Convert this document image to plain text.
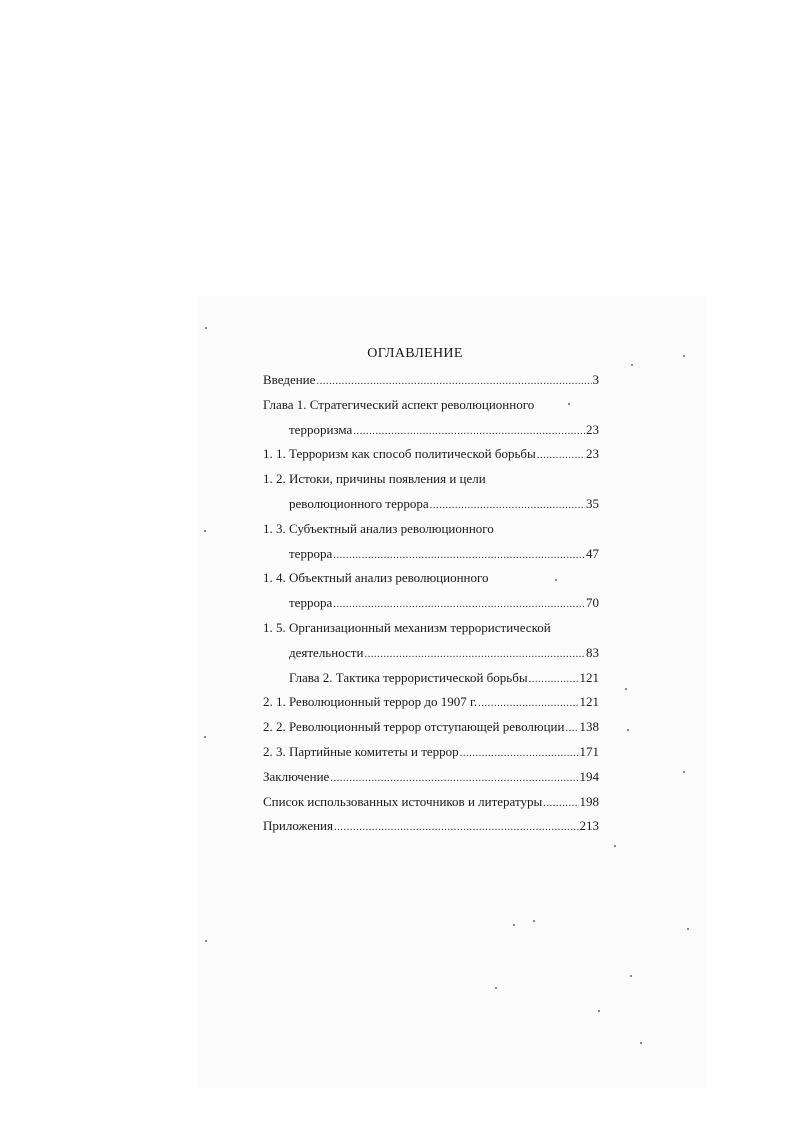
ОГЛАВЛЕНИЕ
Введение .....	3
Глава 1. Стратегический аспект революционного
терроризма .....	23
1. 1. Терроризм как способ политической борьбы .....	23
1. 2. Истоки, причины появления и цели
революционного террора .....	35
1. 3. Субъектный анализ революционного
террора .....	47
1. 4. Объектный анализ революционного
террора .....	70
1. 5. Организационный механизм террористической
деятельности .....	83
Глава 2. Тактика террористической борьбы .....	121
2. 1. Революционный террор до 1907 г. .....	121
2. 2. Революционный террор отступающей революции ..... 138
2. 3. Партийные комитеты и террор .....	171
Заключение .....	194
Список использованных источников и литературы .....	198
Приложения .....	213
